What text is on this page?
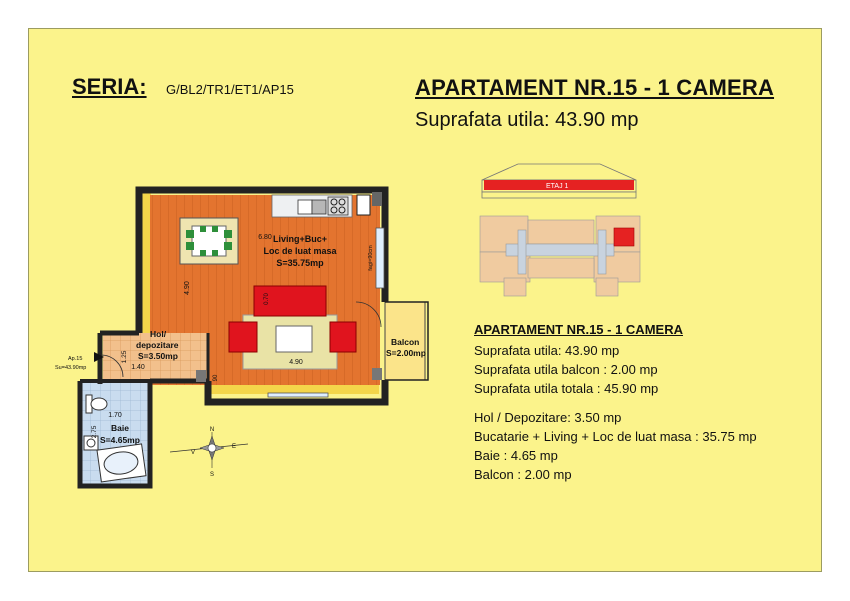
SERIA: G/BL2/TR1/ET1/AP15	APARTAMENT NR.15 - 1 CAMERA
Suprafata utila: 43.90 mp
Living+Buc+
Loc de luat masa
S=35.75mp
Hol/
depozitare
S=3.50mp
Baie
S=4.65mp
Balcon
S=2.00mp
Ap.15
Su=43.90mp
6.80
4.90
fagi=90cm
0.70
4.90
1.40
1.25
1.70
2.75
90
N
E
S
V
ETAJ 1
APARTAMENT NR.15 - 1 CAMERA
Suprafata utila: 43.90 mp
Suprafata utila balcon : 2.00 mp
Suprafata utila totala : 45.90 mp
Hol / Depozitare: 3.50 mp
Bucatarie + Living + Loc de luat masa : 35.75 mp
Baie : 4.65 mp
Balcon : 2.00 mp
